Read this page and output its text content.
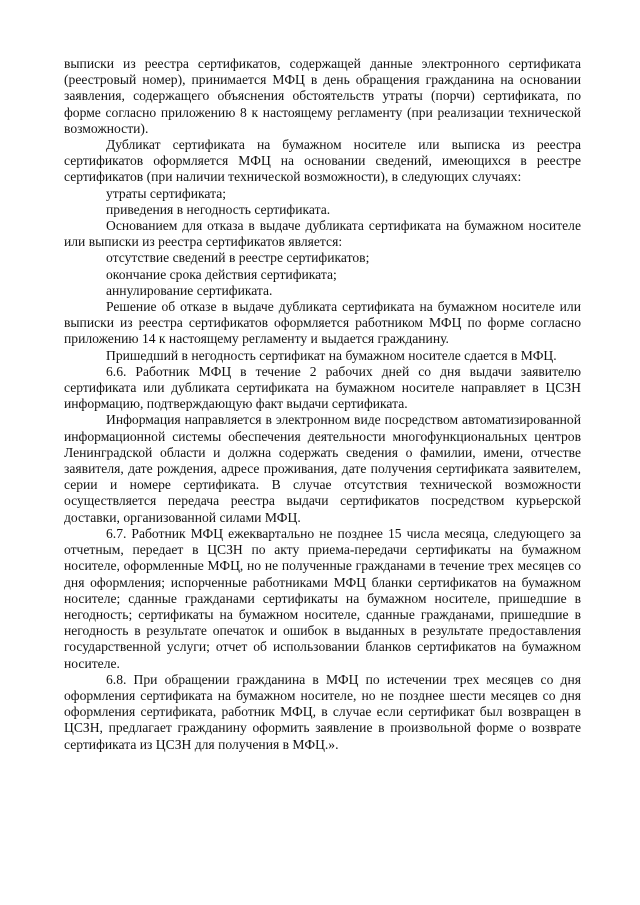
выписки из реестра сертификатов, содержащей данные электронного сертификата (реестровый номер), принимается МФЦ в день обращения гражданина на основании заявления, содержащего объяснения обстоятельств утраты (порчи) сертификата, по форме согласно приложению 8 к настоящему регламенту (при реализации технической возможности).

Дубликат сертификата на бумажном носителе или выписка из реестра сертификатов оформляется МФЦ на основании сведений, имеющихся в реестре сертификатов (при наличии технической возможности), в следующих случаях:

утраты сертификата;

приведения в негодность сертификата.

Основанием для отказа в выдаче дубликата сертификата на бумажном носителе или выписки из реестра сертификатов является:

отсутствие сведений в реестре сертификатов;

окончание срока действия сертификата;

аннулирование сертификата.

Решение об отказе в выдаче дубликата сертификата на бумажном носителе или выписки из реестра сертификатов оформляется работником МФЦ по форме согласно приложению 14 к настоящему регламенту и выдается гражданину.

Пришедший в негодность сертификат на бумажном носителе сдается в МФЦ.

6.6. Работник МФЦ в течение 2 рабочих дней со дня выдачи заявителю сертификата или дубликата сертификата на бумажном носителе направляет в ЦСЗН информацию, подтверждающую факт выдачи сертификата.

Информация направляется в электронном виде посредством автоматизированной информационной системы обеспечения деятельности многофункциональных центров Ленинградской области и должна содержать сведения о фамилии, имени, отчестве заявителя, дате рождения, адресе проживания, дате получения сертификата заявителем, серии и номере сертификата. В случае отсутствия технической возможности осуществляется передача реестра выдачи сертификатов посредством курьерской доставки, организованной силами МФЦ.

6.7. Работник МФЦ ежеквартально не позднее 15 числа месяца, следующего за отчетным, передает в ЦСЗН по акту приема-передачи сертификаты на бумажном носителе, оформленные МФЦ, но не полученные гражданами в течение трех месяцев со дня оформления; испорченные работниками МФЦ бланки сертификатов на бумажном носителе; сданные гражданами сертификаты на бумажном носителе, пришедшие в негодность; сертификаты на бумажном носителе, сданные гражданами, пришедшие в негодность в результате опечаток и ошибок в выданных в результате предоставления государственной услуги; отчет об использовании бланков сертификатов на бумажном носителе.

6.8. При обращении гражданина в МФЦ по истечении трех месяцев со дня оформления сертификата на бумажном носителе, но не позднее шести месяцев со дня оформления сертификата, работник МФЦ, в случае если сертификат был возвращен в ЦСЗН, предлагает гражданину оформить заявление в произвольной форме о возврате сертификата из ЦСЗН для получения в МФЦ.».
